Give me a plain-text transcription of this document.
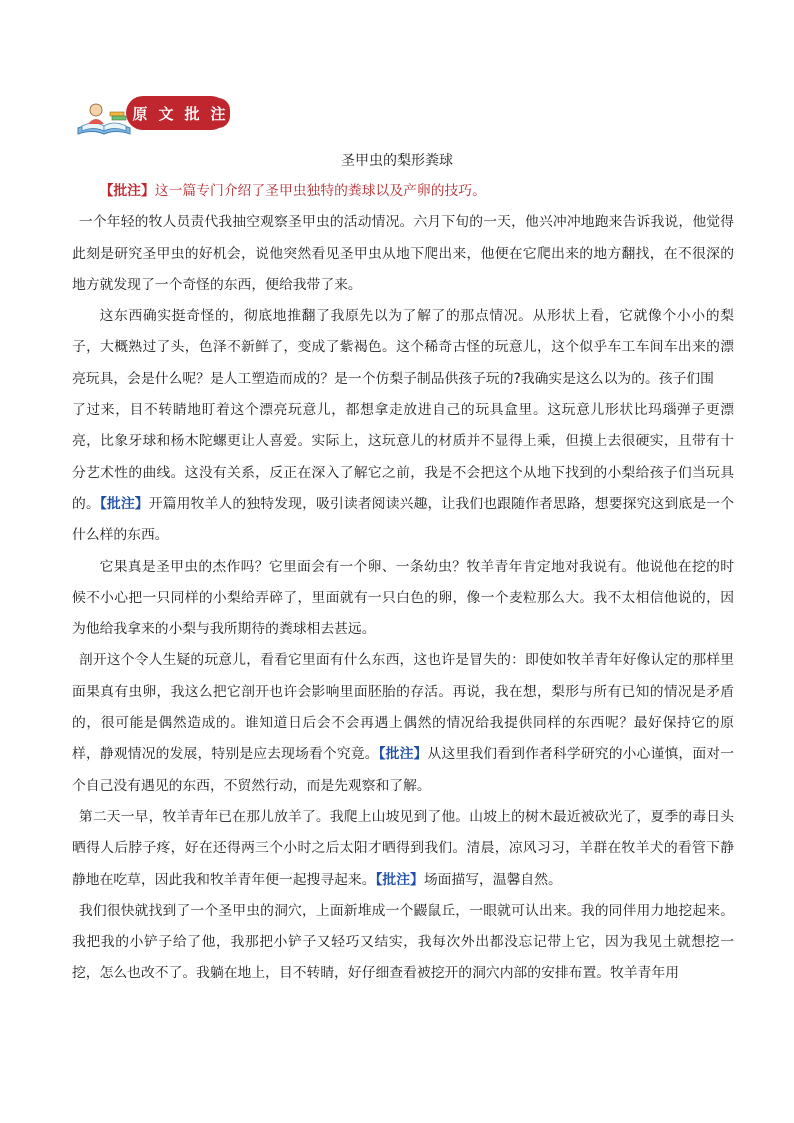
原 文 批 注
圣甲虫的梨形粪球

【批注】这一篇专门介绍了圣甲虫独特的粪球以及产卵的技巧。

一个年轻的牧人员责代我抽空观察圣甲虫的活动情况。六月下旬的一天，他兴冲冲地跑来告诉我说，他觉得此刻是研究圣甲虫的好机会，说他突然看见圣甲虫从地下爬出来，他便在它爬出来的地方翻找，在不很深的地方就发现了一个奇怪的东西，便给我带了来。

这东西确实挺奇怪的，彻底地推翻了我原先以为了解了的那点情况。从形状上看，它就像个小小的梨子，大概熟过了头，色泽不新鲜了，变成了紫褐色。这个稀奇古怪的玩意儿，这个似乎车工车间车出来的漂亮玩具，会是什么呢？是人工塑造而成的？是一个仿梨子制品供孩子玩的?我确实是这么以为的。孩子们围

了过来，目不转睛地盯着这个漂亮玩意儿，都想拿走放进自己的玩具盒里。这玩意儿形状比玛瑙弹子更漂亮，比象牙球和杨木陀螺更让人喜爱。实际上，这玩意儿的材质并不显得上乘，但摸上去很硬实，且带有十分艺术性的曲线。这没有关系，反正在深入了解它之前，我是不会把这个从地下找到的小梨给孩子们当玩具的。【批注】开篇用牧羊人的独特发现，吸引读者阅读兴趣，让我们也跟随作者思路，想要探究这到底是一个什么样的东西。

它果真是圣甲虫的杰作吗？它里面会有一个卵、一条幼虫？牧羊青年肯定地对我说有。他说他在挖的时候不小心把一只同样的小梨给弄碎了，里面就有一只白色的卵，像一个麦粒那么大。我不太相信他说的，因为他给我拿来的小梨与我所期待的粪球相去甚远。

剖开这个令人生疑的玩意儿，看看它里面有什么东西，这也许是冒失的：即使如牧羊青年好像认定的那样里面果真有虫卵，我这么把它剖开也许会影响里面胚胎的存活。再说，我在想，梨形与所有已知的情况是矛盾的，很可能是偶然造成的。谁知道日后会不会再遇上偶然的情况给我提供同样的东西呢？最好保持它的原样，静观情况的发展，特别是应去现场看个究竟。【批注】从这里我们看到作者科学研究的小心谨慎，面对一个自己没有遇见的东西，不贸然行动，而是先观察和了解。

第二天一早，牧羊青年已在那儿放羊了。我爬上山坡见到了他。山坡上的树木最近被砍光了，夏季的毒日头晒得人后脖子疼，好在还得两三个小时之后太阳才晒得到我们。清晨，凉风习习，羊群在牧羊犬的看管下静静地在吃草，因此我和牧羊青年便一起搜寻起来。【批注】场面描写，温馨自然。

我们很快就找到了一个圣甲虫的洞穴，上面新堆成一个鼹鼠丘，一眼就可认出来。我的同伴用力地挖起来。我把我的小铲子给了他，我那把小铲子又轻巧又结实，我每次外出都没忘记带上它，因为我见土就想挖一挖，怎么也改不了。我躺在地上，目不转睛，好仔细查看被挖开的洞穴内部的安排布置。牧羊青年用
